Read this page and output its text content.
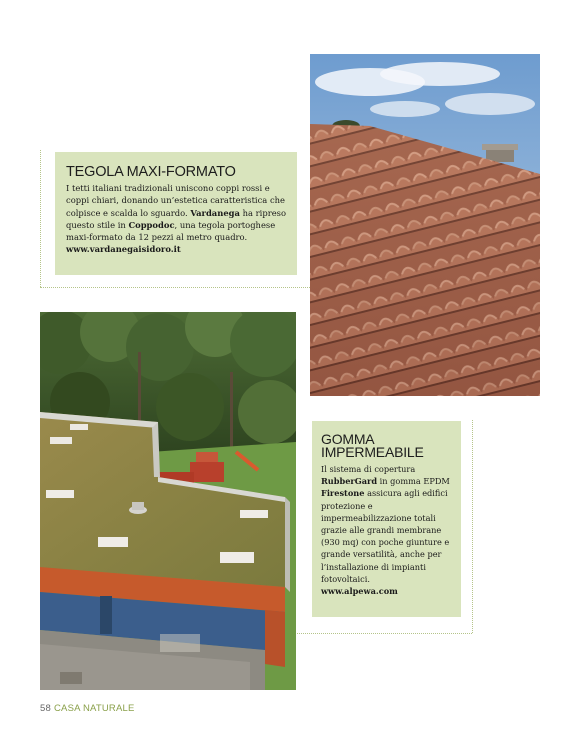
TEGOLA MAXI-FORMATO

I tetti italiani tradizionali uniscono coppi rossi e coppi chiari, donando un’estetica caratteristica che colpisce e scalda lo sguardo. Vardanega ha ripreso questo stile in Coppodoc, una tegola portoghese maxi-formato da 12 pezzi al metro quadro.

www.vardanegaisidoro.it
GOMMA IMPERMEABILE

Il sistema di copertura RubberGard in gomma EPDM Firestone assicura agli edifici protezione e impermeabilizzazione totali grazie alle grandi membrane (930 mq) con poche giunture e grande versatilità, anche per l’installazione di impianti fotovoltaici.

www.alpewa.com
58 CASA NATURALE
